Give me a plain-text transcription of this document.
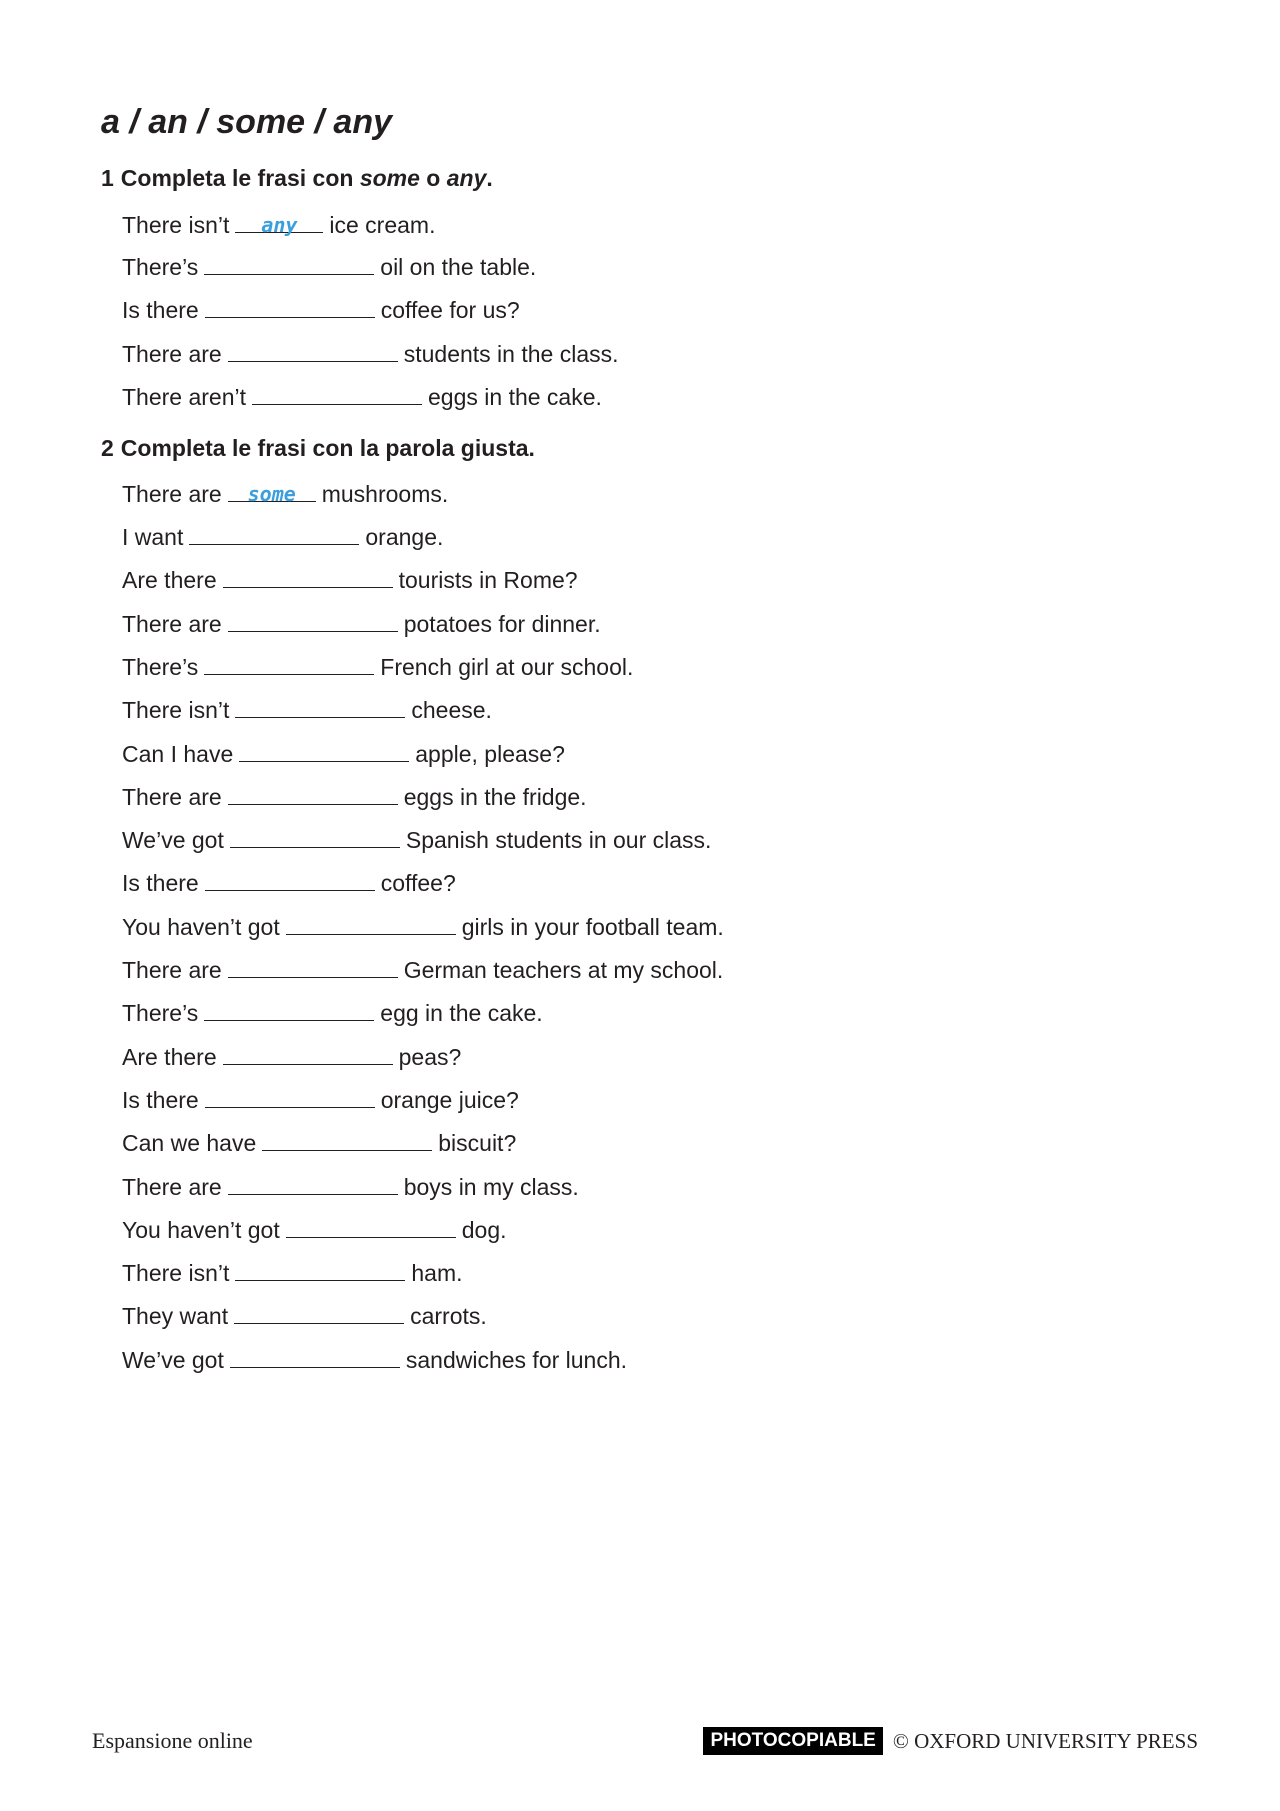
a / an / some / any

1 Completa le frasi con some o any.

There isn’t	any	ice cream.
There’s	oil on the table.
Is there	coffee for us?
There are	students in the class.
There aren’t	eggs in the cake.

2 Completa le frasi con la parola giusta.

There are	some	mushrooms.
I want	orange.
Are there	tourists in Rome?
There are	potatoes for dinner.
There’s	French girl at our school.
There isn’t	cheese.
Can I have	apple, please?
There are	eggs in the fridge.
We’ve got	Spanish students in our class.
Is there	coffee?
You haven’t got	girls in your football team.
There are	German teachers at my school.
There’s	egg in the cake.
Are there	peas?
Is there	orange juice?
Can we have	biscuit?
There are	boys in my class.
You haven’t got	dog.
There isn’t	ham.
They want	carrots.
We’ve got	sandwiches for lunch.
Espansione online	PHOTOCOPIABLE © OXFORD UNIVERSITY PRESS
